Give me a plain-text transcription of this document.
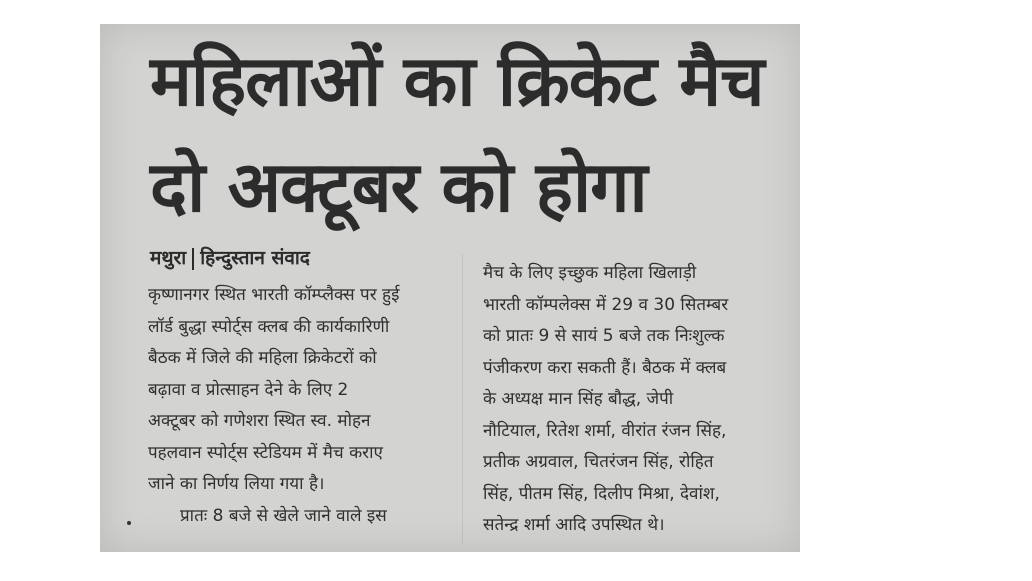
महिलाओं का क्रिकेट मैच
दो अक्टूबर को होगा
मथुरा हिन्दुस्तान संवाद
कृष्णानगर स्थित भारती कॉम्प्लैक्स पर हुई
लॉर्ड बुद्धा स्पोर्ट्स क्लब की कार्यकारिणी
बैठक में जिले की महिला क्रिकेटरों को
बढ़ावा व प्रोत्साहन देने के लिए 2
अक्टूबर को गणेशरा स्थित स्व. मोहन
पहलवान स्पोर्ट्स स्टेडियम में मैच कराए
जाने का निर्णय लिया गया है।
प्रातः 8 बजे से खेले जाने वाले इस
मैच के लिए इच्छुक महिला खिलाड़ी
भारती कॉम्पलेक्स में 29 व 30 सितम्बर
को प्रातः 9 से सायं 5 बजे तक निःशुल्क
पंजीकरण करा सकती हैं। बैठक में क्लब
के अध्यक्ष मान सिंह बौद्ध, जेपी
नौटियाल, रितेश शर्मा, वीरांत रंजन सिंह,
प्रतीक अग्रवाल, चितरंजन सिंह, रोहित
सिंह, पीतम सिंह, दिलीप मिश्रा, देवांश,
सतेन्द्र शर्मा आदि उपस्थित थे।
